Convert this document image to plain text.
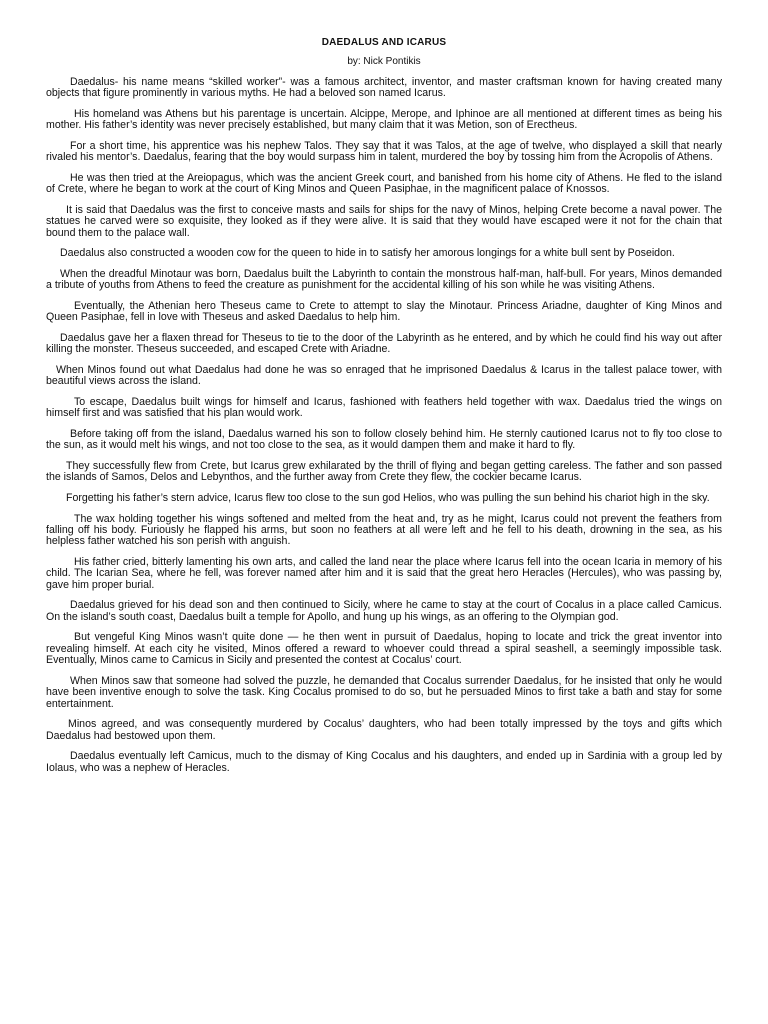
DAEDALUS AND ICARUS
by: Nick Pontikis

Daedalus- his name means “skilled worker”- was a famous architect, inventor, and master craftsman known for having created many objects that figure prominently in various myths. He had a beloved son named Icarus.

His homeland was Athens but his parentage is uncertain. Alcippe, Merope, and Iphinoe are all mentioned at different times as being his mother. His father’s identity was never precisely established, but many claim that it was Metion, son of Erectheus.

For a short time, his apprentice was his nephew Talos. They say that it was Talos, at the age of twelve, who displayed a skill that nearly rivaled his mentor’s. Daedalus, fearing that the boy would surpass him in talent, murdered the boy by tossing him from the Acropolis of Athens.

He was then tried at the Areiopagus, which was the ancient Greek court, and banished from his home city of Athens. He fled to the island of Crete, where he began to work at the court of King Minos and Queen Pasiphae, in the magnificent palace of Knossos.

It is said that Daedalus was the first to conceive masts and sails for ships for the navy of Minos, helping Crete become a naval power. The statues he carved were so exquisite, they looked as if they were alive. It is said that they would have escaped were it not for the chain that bound them to the palace wall.

Daedalus also constructed a wooden cow for the queen to hide in to satisfy her amorous longings for a white bull sent by Poseidon.

When the dreadful Minotaur was born, Daedalus built the Labyrinth to contain the monstrous half-man, half-bull. For years, Minos demanded a tribute of youths from Athens to feed the creature as punishment for the accidental killing of his son while he was visiting Athens.

Eventually, the Athenian hero Theseus came to Crete to attempt to slay the Minotaur. Princess Ariadne, daughter of King Minos and Queen Pasiphae, fell in love with Theseus and asked Daedalus to help him.

Daedalus gave her a flaxen thread for Theseus to tie to the door of the Labyrinth as he entered, and by which he could find his way out after killing the monster. Theseus succeeded, and escaped Crete with Ariadne.

When Minos found out what Daedalus had done he was so enraged that he imprisoned Daedalus & Icarus in the tallest palace tower, with beautiful views across the island.

To escape, Daedalus built wings for himself and Icarus, fashioned with feathers held together with wax. Daedalus tried the wings on himself first and was satisfied that his plan would work.

Before taking off from the island, Daedalus warned his son to follow closely behind him. He sternly cautioned Icarus not to fly too close to the sun, as it would melt his wings, and not too close to the sea, as it would dampen them and make it hard to fly.

They successfully flew from Crete, but Icarus grew exhilarated by the thrill of flying and began getting careless. The father and son passed the islands of Samos, Delos and Lebynthos, and the further away from Crete they flew, the cockier became Icarus.

Forgetting his father’s stern advice, Icarus flew too close to the sun god Helios, who was pulling the sun behind his chariot high in the sky.

The wax holding together his wings softened and melted from the heat and, try as he might, Icarus could not prevent the feathers from falling off his body. Furiously he flapped his arms, but soon no feathers at all were left and he fell to his death, drowning in the sea, as his helpless father watched his son perish with anguish.

His father cried, bitterly lamenting his own arts, and called the land near the place where Icarus fell into the ocean Icaria in memory of his child. The Icarian Sea, where he fell, was forever named after him and it is said that the great hero Heracles (Hercules), who was passing by, gave him proper burial.

Daedalus grieved for his dead son and then continued to Sicily, where he came to stay at the court of Cocalus in a place called Camicus. On the island’s south coast, Daedalus built a temple for Apollo, and hung up his wings, as an offering to the Olympian god.

But vengeful King Minos wasn’t quite done — he then went in pursuit of Daedalus, hoping to locate and trick the great inventor into revealing himself. At each city he visited, Minos offered a reward to whoever could thread a spiral seashell, a seemingly impossible task. Eventually, Minos came to Camicus in Sicily and presented the contest at Cocalus’ court.

When Minos saw that someone had solved the puzzle, he demanded that Cocalus surrender Daedalus, for he insisted that only he would have been inventive enough to solve the task. King Cocalus promised to do so, but he persuaded Minos to first take a bath and stay for some entertainment.

Minos agreed, and was consequently murdered by Cocalus’ daughters, who had been totally impressed by the toys and gifts which Daedalus had bestowed upon them.

Daedalus eventually left Camicus, much to the dismay of King Cocalus and his daughters, and ended up in Sardinia with a group led by Iolaus, who was a nephew of Heracles.
